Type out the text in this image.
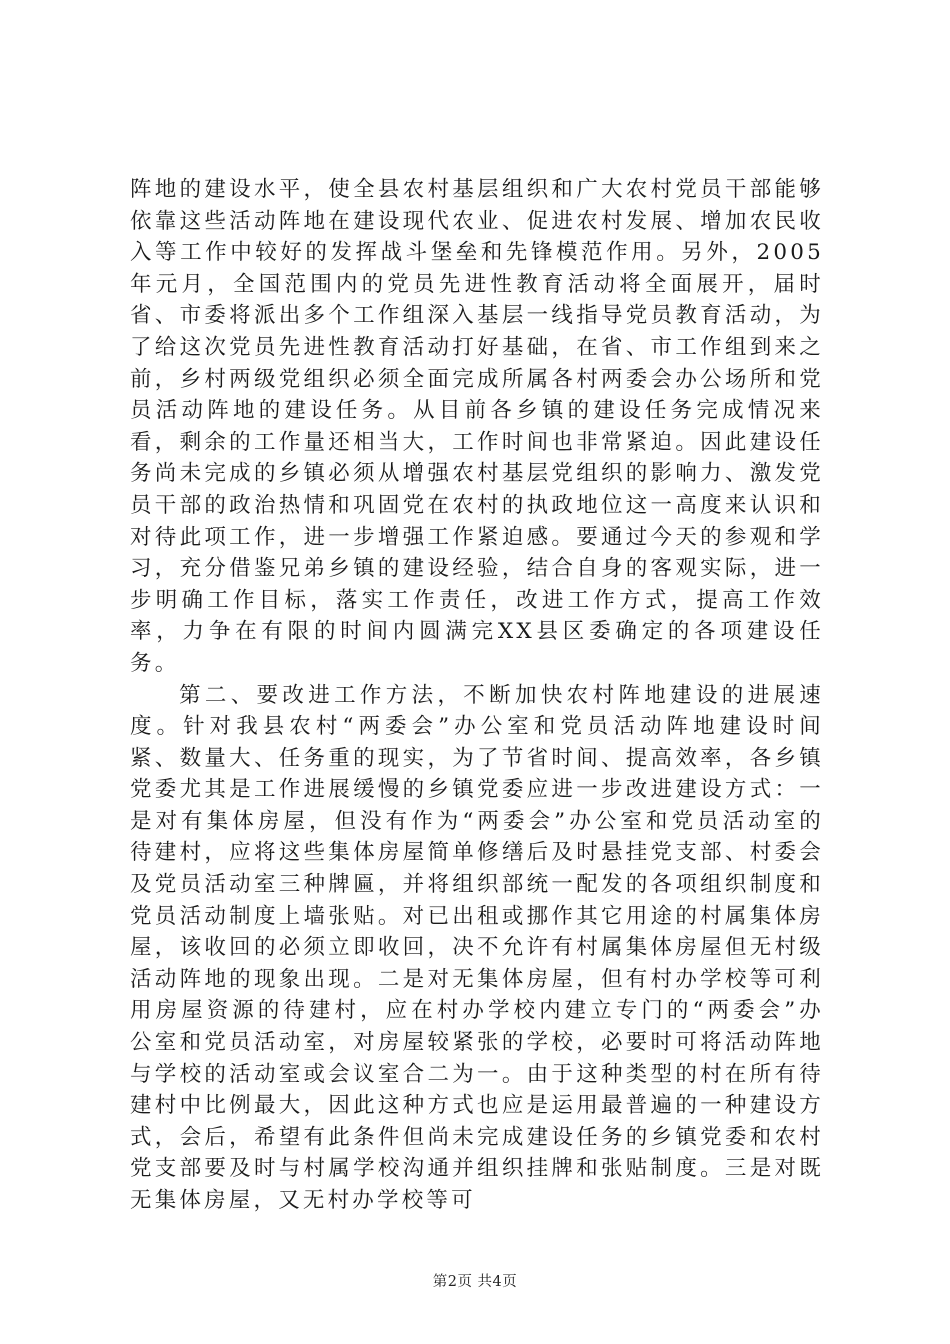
阵地的建设水平，使全县农村基层组织和广大农村党员干部能够依靠这些活动阵地在建设现代农业、促进农村发展、增加农民收入等工作中较好的发挥战斗堡垒和先锋模范作用。另外，2005年元月，全国范围内的党员先进性教育活动将全面展开，届时省、市委将派出多个工作组深入基层一线指导党员教育活动，为了给这次党员先进性教育活动打好基础，在省、市工作组到来之前，乡村两级党组织必须全面完成所属各村两委会办公场所和党员活动阵地的建设任务。从目前各乡镇的建设任务完成情况来看，剩余的工作量还相当大，工作时间也非常紧迫。因此建设任务尚未完成的乡镇必须从增强农村基层党组织的影响力、激发党员干部的政治热情和巩固党在农村的执政地位这一高度来认识和对待此项工作，进一步增强工作紧迫感。要通过今天的参观和学习，充分借鉴兄弟乡镇的建设经验，结合自身的客观实际，进一步明确工作目标，落实工作责任，改进工作方式，提高工作效率，力争在有限的时间内圆满完XX县区委确定的各项建设任务。

第二、要改进工作方法，不断加快农村阵地建设的进展速度。针对我县农村“两委会”办公室和党员活动阵地建设时间紧、数量大、任务重的现实，为了节省时间、提高效率，各乡镇党委尤其是工作进展缓慢的乡镇党委应进一步改进建设方式：一是对有集体房屋，但没有作为“两委会”办公室和党员活动室的待建村，应将这些集体房屋简单修缮后及时悬挂党支部、村委会及党员活动室三种牌匾，并将组织部统一配发的各项组织制度和党员活动制度上墙张贴。对已出租或挪作其它用途的村属集体房屋，该收回的必须立即收回，决不允许有村属集体房屋但无村级活动阵地的现象出现。二是对无集体房屋，但有村办学校等可利用房屋资源的待建村，应在村办学校内建立专门的“两委会”办公室和党员活动室，对房屋较紧张的学校，必要时可将活动阵地与学校的活动室或会议室合二为一。由于这种类型的村在所有待建村中比例最大，因此这种方式也应是运用最普遍的一种建设方式，会后，希望有此条件但尚未完成建设任务的乡镇党委和农村党支部要及时与村属学校沟通并组织挂牌和张贴制度。三是对既无集体房屋，又无村办学校等可

第2页 共4页
